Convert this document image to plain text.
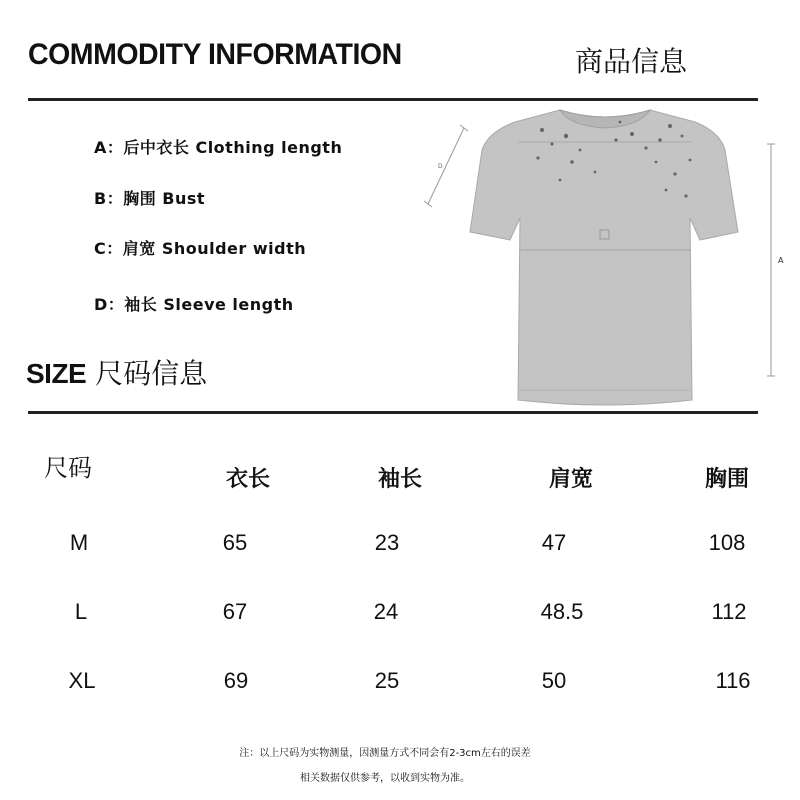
COMMODITY INFORMATION	商品信息
A：后中衣长 Clothing length
B：胸围 Bust
C：肩宽 Shoulder width
D：袖长 Sleeve length
D
A
SIZE 尺码信息
尺码	衣长	袖长	肩宽	胸围
M	65	23	47	108
L	67	24	48.5	112
XL	69	25	50	116
注：以上尺码为实物测量，因测量方式不同会有2-3cm左右的误差
相关数据仅供参考，以收到实物为准。
